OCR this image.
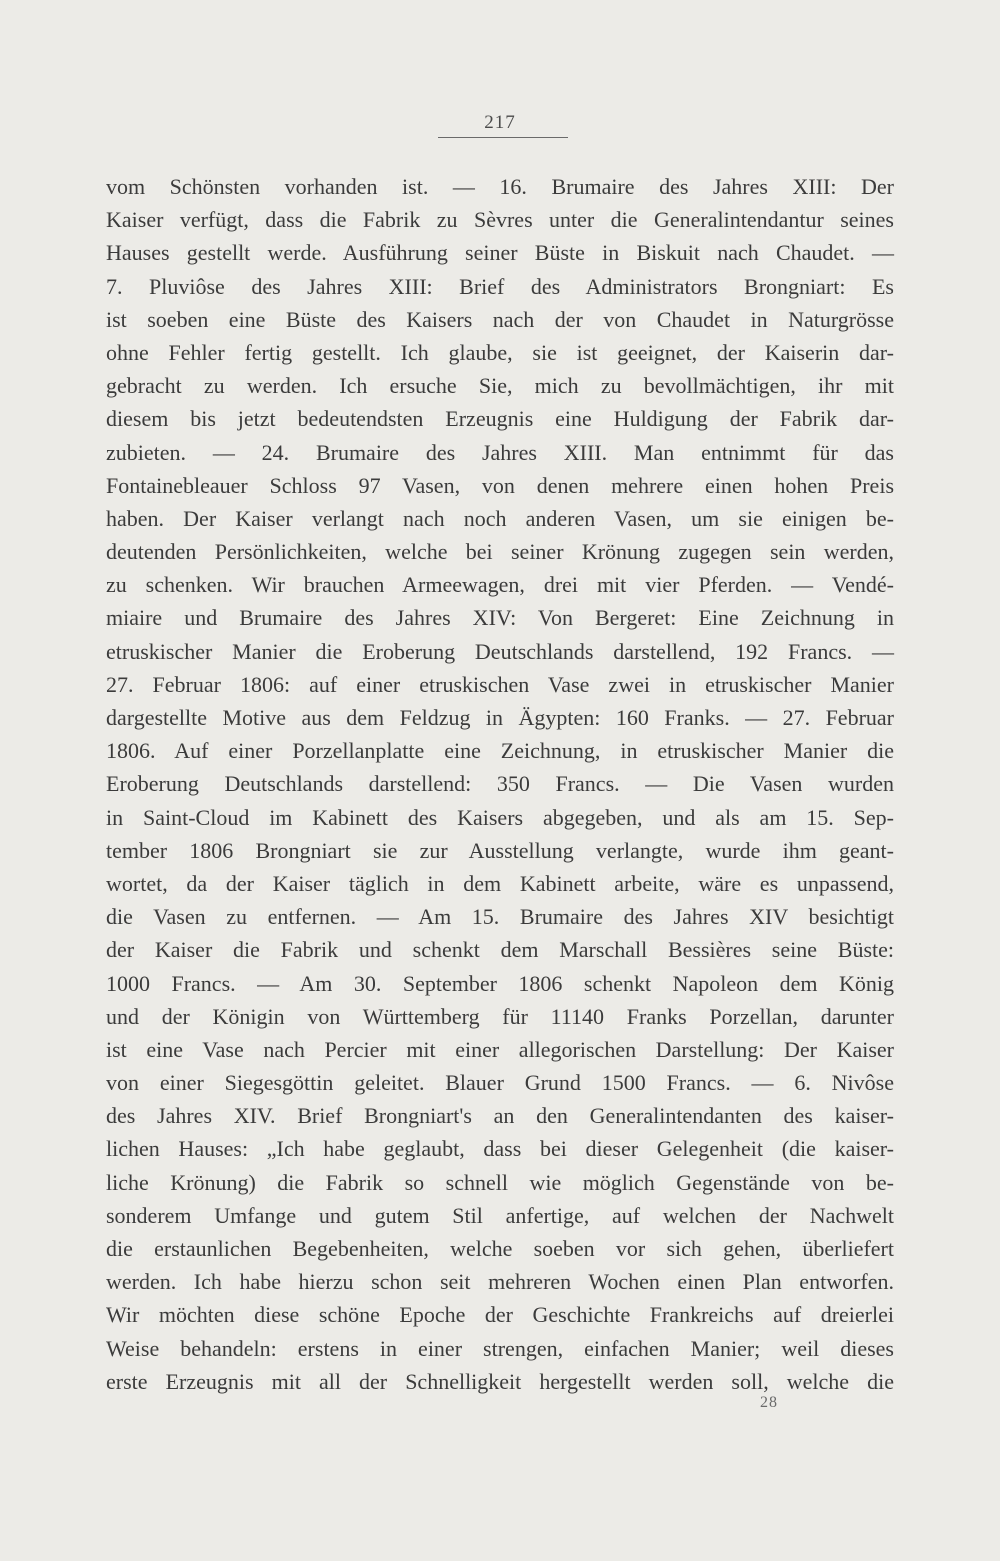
217
vom Schönsten vorhanden ist. — 16. Brumaire des Jahres XIII: Der
Kaiser verfügt, dass die Fabrik zu Sèvres unter die Generalintendantur seines
Hauses gestellt werde. Ausführung seiner Büste in Biskuit nach Chaudet. —
7. Pluviôse des Jahres XIII: Brief des Administrators Brongniart: Es
ist soeben eine Büste des Kaisers nach der von Chaudet in Naturgrösse
ohne Fehler fertig gestellt. Ich glaube, sie ist geeignet, der Kaiserin dar-
gebracht zu werden. Ich ersuche Sie, mich zu bevollmächtigen, ihr mit
diesem bis jetzt bedeutendsten Erzeugnis eine Huldigung der Fabrik dar-
zubieten. — 24. Brumaire des Jahres XIII. Man entnimmt für das
Fontainebleauer Schloss 97 Vasen, von denen mehrere einen hohen Preis
haben. Der Kaiser verlangt nach noch anderen Vasen, um sie einigen be-
deutenden Persönlichkeiten, welche bei seiner Krönung zugegen sein werden,
zu schenken. Wir brauchen Armeewagen, drei mit vier Pferden. — Vendé-
miaire und Brumaire des Jahres XIV: Von Bergeret: Eine Zeichnung in
etruskischer Manier die Eroberung Deutschlands darstellend, 192 Francs. —
27. Februar 1806: auf einer etruskischen Vase zwei in etruskischer Manier
dargestellte Motive aus dem Feldzug in Ägypten: 160 Franks. — 27. Februar
1806. Auf einer Porzellanplatte eine Zeichnung, in etruskischer Manier die
Eroberung Deutschlands darstellend: 350 Francs. — Die Vasen wurden
in Saint-Cloud im Kabinett des Kaisers abgegeben, und als am 15. Sep-
tember 1806 Brongniart sie zur Ausstellung verlangte, wurde ihm geant-
wortet, da der Kaiser täglich in dem Kabinett arbeite, wäre es unpassend,
die Vasen zu entfernen. — Am 15. Brumaire des Jahres XIV besichtigt
der Kaiser die Fabrik und schenkt dem Marschall Bessières seine Büste:
1000 Francs. — Am 30. September 1806 schenkt Napoleon dem König
und der Königin von Württemberg für 11140 Franks Porzellan, darunter
ist eine Vase nach Percier mit einer allegorischen Darstellung: Der Kaiser
von einer Siegesgöttin geleitet. Blauer Grund 1500 Francs. — 6. Nivôse
des Jahres XIV. Brief Brongniart's an den Generalintendanten des kaiser-
lichen Hauses: „Ich habe geglaubt, dass bei dieser Gelegenheit (die kaiser-
liche Krönung) die Fabrik so schnell wie möglich Gegenstände von be-
sonderem Umfange und gutem Stil anfertige, auf welchen der Nachwelt
die erstaunlichen Begebenheiten, welche soeben vor sich gehen, überliefert
werden. Ich habe hierzu schon seit mehreren Wochen einen Plan entworfen.
Wir möchten diese schöne Epoche der Geschichte Frankreichs auf dreierlei
Weise behandeln: erstens in einer strengen, einfachen Manier; weil dieses
erste Erzeugnis mit all der Schnelligkeit hergestellt werden soll, welche die
28
